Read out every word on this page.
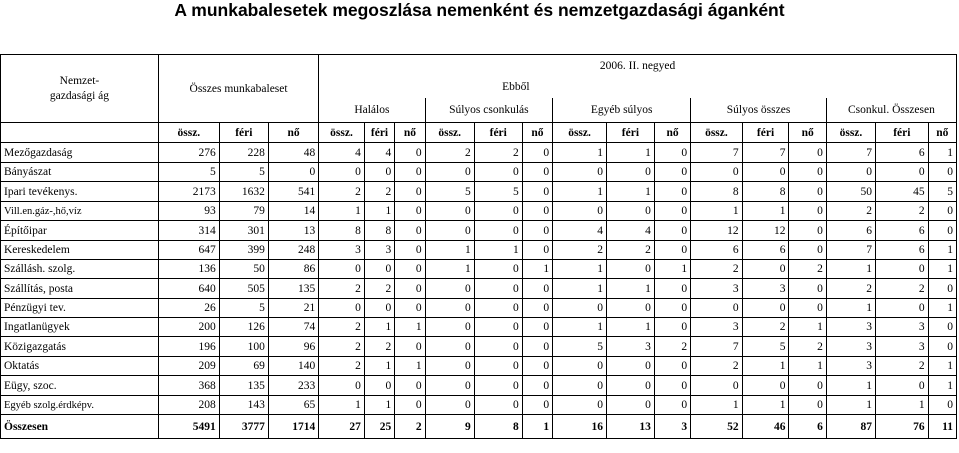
A munkabalesetek megoszlása nemenként és nemzetgazdasági áganként
Nemzet-
gazdasági ág	Összes munkabaleset			2006. II. negyed														
							Ebből											
				Halálos			Súlyos csonkulás			Egyéb súlyos			Súlyos összes			Csonkul. Összesen		
	össz.	féri	nő	össz.	féri	nő	össz.	féri	nő	össz.	féri	nő	össz.	féri	nő	össz.	féri	nő
Mezőgazdaság	276	228	48	4	4	0	2	2	0	1	1	0	7	7	0	7	6	1
Bányászat	5	5	0	0	0	0	0	0	0	0	0	0	0	0	0	0	0	0
Ipari tevékenys.	2173	1632	541	2	2	0	5	5	0	1	1	0	8	8	0	50	45	5
Vill.en.gáz-,hő,víz	93	79	14	1	1	0	0	0	0	0	0	0	1	1	0	2	2	0
Építőipar	314	301	13	8	8	0	0	0	0	4	4	0	12	12	0	6	6	0
Kereskedelem	647	399	248	3	3	0	1	1	0	2	2	0	6	6	0	7	6	1
Szállásh. szolg.	136	50	86	0	0	0	1	0	1	1	0	1	2	0	2	1	0	1
Szállítás, posta	640	505	135	2	2	0	0	0	0	1	1	0	3	3	0	2	2	0
Pénzügyi tev.	26	5	21	0	0	0	0	0	0	0	0	0	0	0	0	1	0	1
Ingatlanügyek	200	126	74	2	1	1	0	0	0	1	1	0	3	2	1	3	3	0
Közigazgatás	196	100	96	2	2	0	0	0	0	5	3	2	7	5	2	3	3	0
Oktatás	209	69	140	2	1	1	0	0	0	0	0	0	2	1	1	3	2	1
Eügy, szoc.	368	135	233	0	0	0	0	0	0	0	0	0	0	0	0	1	0	1
Egyéb szolg.érdképv.	208	143	65	1	1	0	0	0	0	0	0	0	1	1	0	1	1	0
Összesen	5491	3777	1714	27	25	2	9	8	1	16	13	3	52	46	6	87	76	11
